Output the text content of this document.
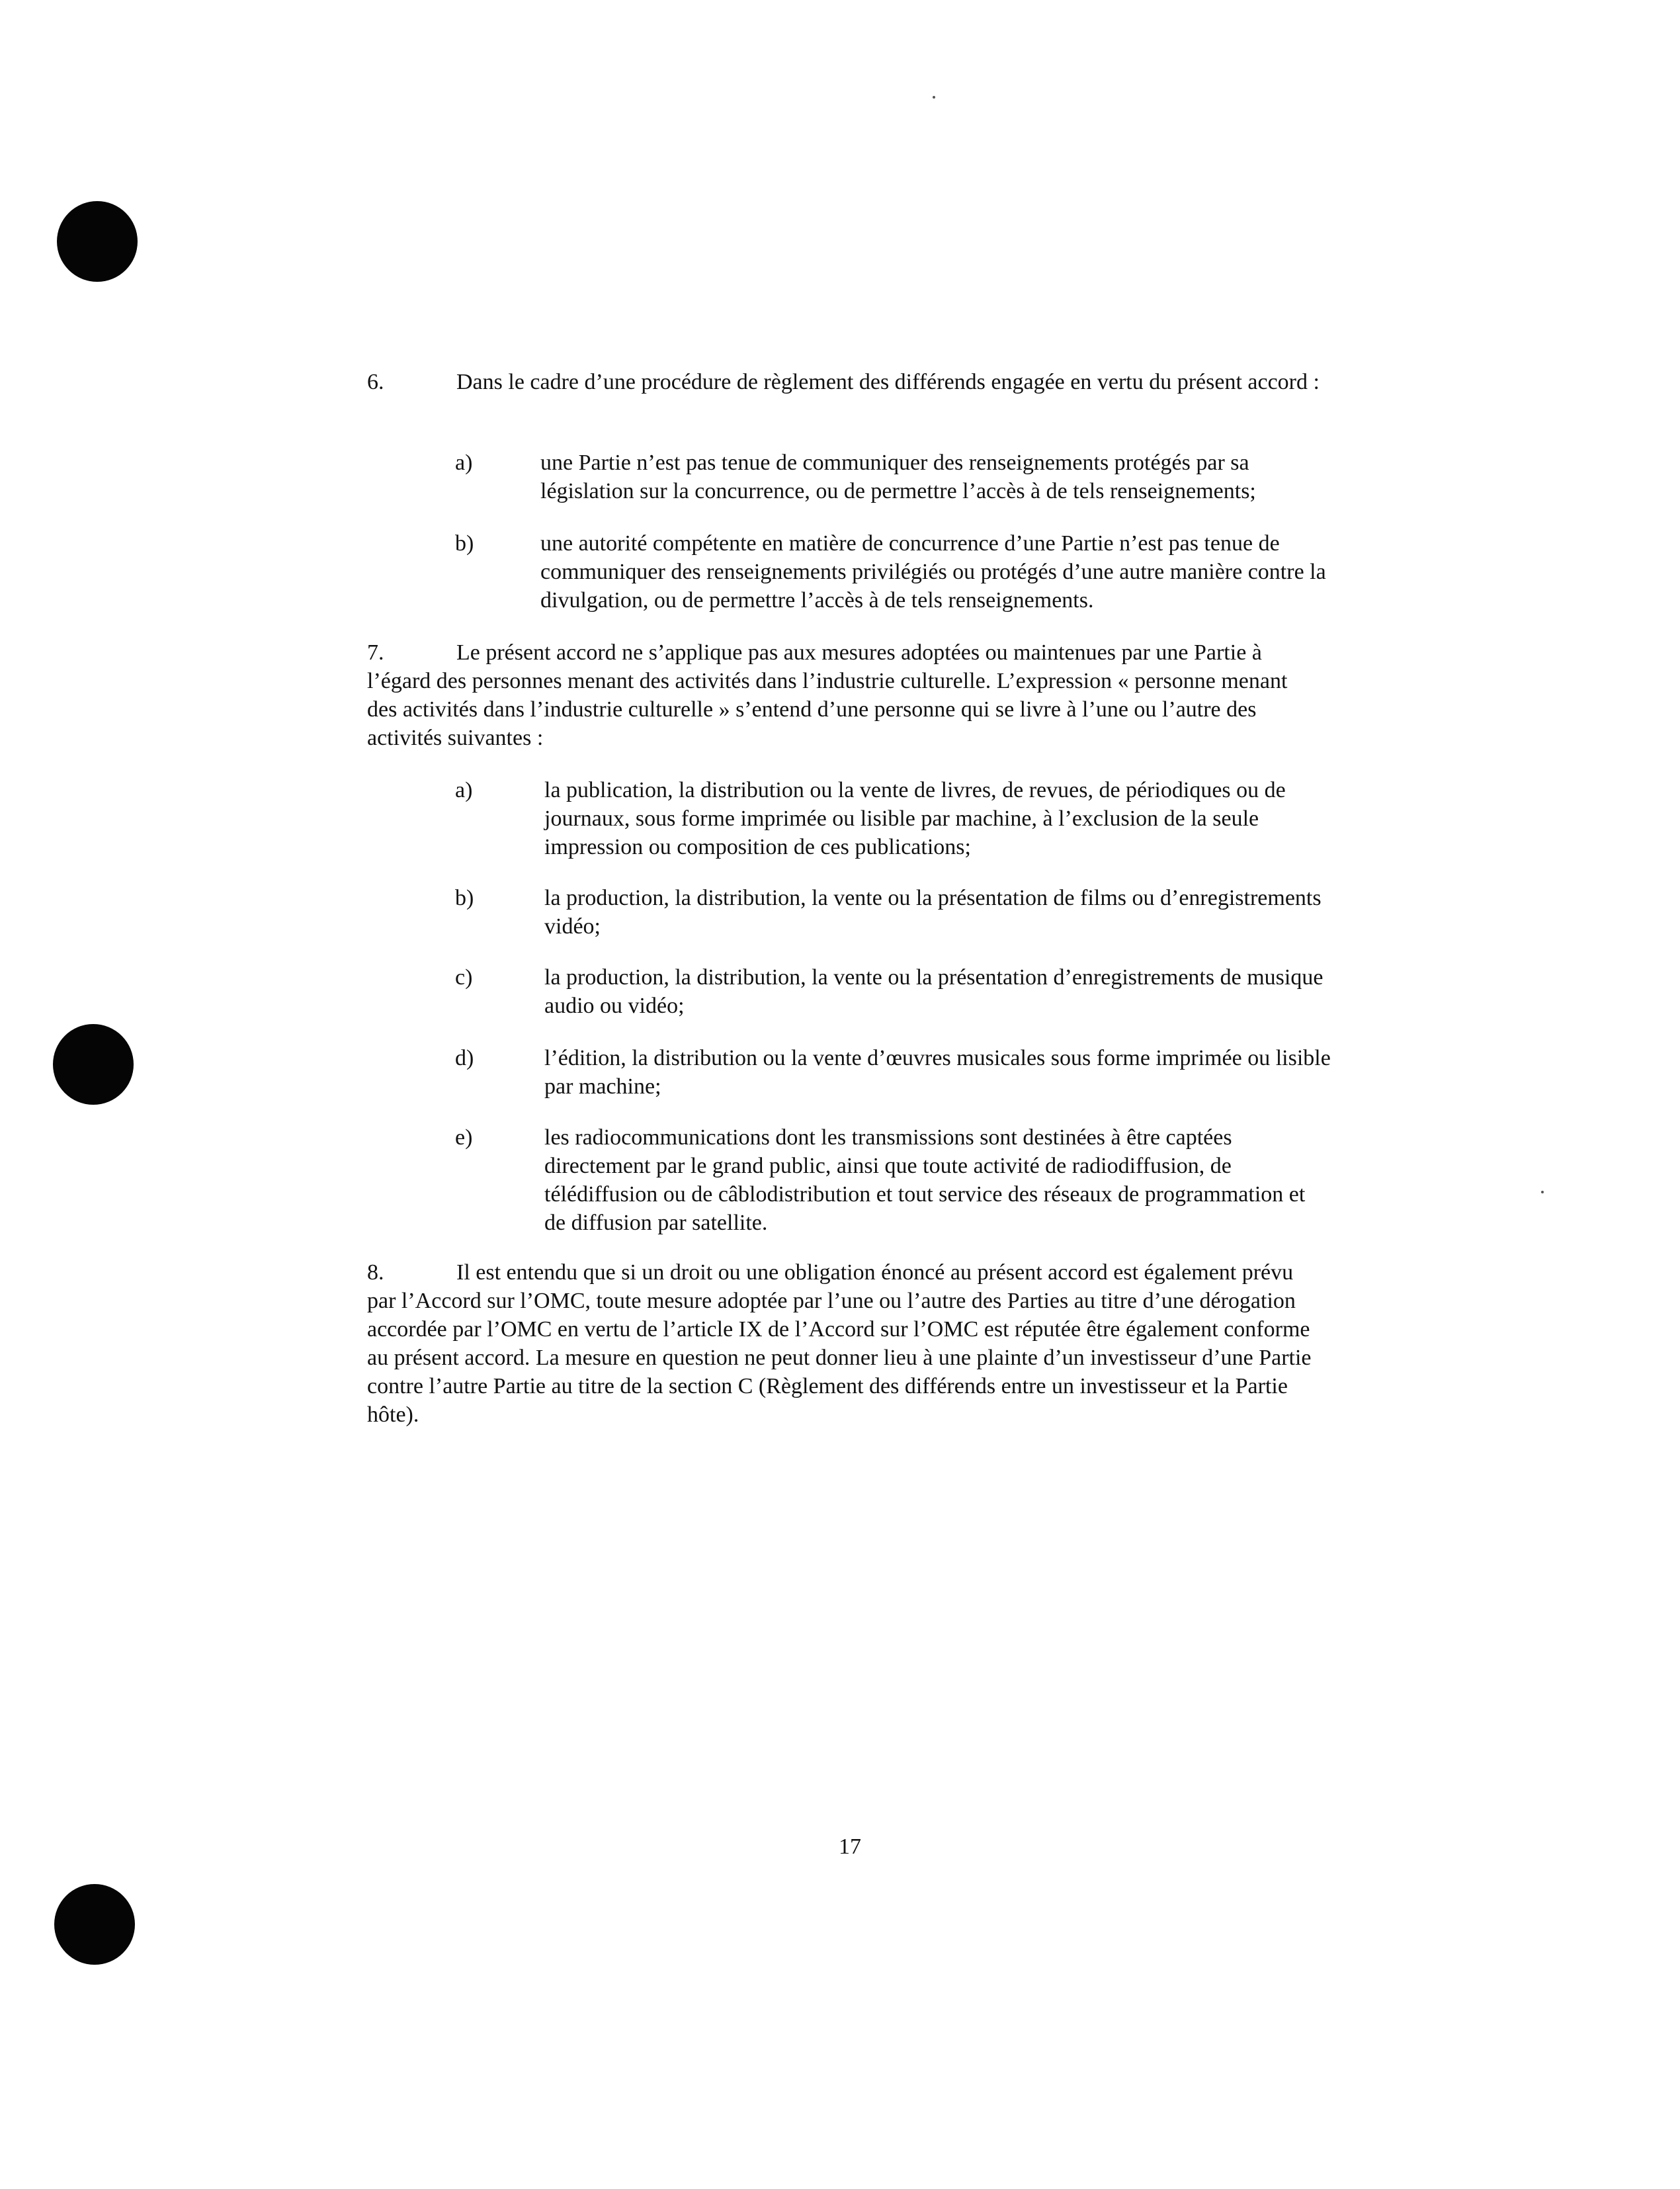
6.	Dans le cadre d’une procédure de règlement des différends engagée en vertu du présent accord :
a)	une Partie n’est pas tenue de communiquer des renseignements protégés par sa législation sur la concurrence, ou de permettre l’accès à de tels renseignements;
b)	une autorité compétente en matière de concurrence d’une Partie n’est pas tenue de communiquer des renseignements privilégiés ou protégés d’une autre manière contre la divulgation, ou de permettre l’accès à de tels renseignements.
7.	Le présent accord ne s’applique pas aux mesures adoptées ou maintenues par une Partie à l’égard des personnes menant des activités dans l’industrie culturelle. L’expression « personne menant des activités dans l’industrie culturelle » s’entend d’une personne qui se livre à l’une ou l’autre des activités suivantes :
a)	la publication, la distribution ou la vente de livres, de revues, de périodiques ou de journaux, sous forme imprimée ou lisible par machine, à l’exclusion de la seule impression ou composition de ces publications;
b)	la production, la distribution, la vente ou la présentation de films ou d’enregistrements vidéo;
c)	la production, la distribution, la vente ou la présentation d’enregistrements de musique audio ou vidéo;
d)	l’édition, la distribution ou la vente d’œuvres musicales sous forme imprimée ou lisible par machine;
e)	les radiocommunications dont les transmissions sont destinées à être captées directement par le grand public, ainsi que toute activité de radiodiffusion, de télédiffusion ou de câblodistribution et tout service des réseaux de programmation et de diffusion par satellite.
8.	Il est entendu que si un droit ou une obligation énoncé au présent accord est également prévu par l’Accord sur l’OMC, toute mesure adoptée par l’une ou l’autre des Parties au titre d’une dérogation accordée par l’OMC en vertu de l’article IX de l’Accord sur l’OMC est réputée être également conforme au présent accord. La mesure en question ne peut donner lieu à une plainte d’un investisseur d’une Partie contre l’autre Partie au titre de la section C (Règlement des différends entre un investisseur et la Partie hôte).
17
